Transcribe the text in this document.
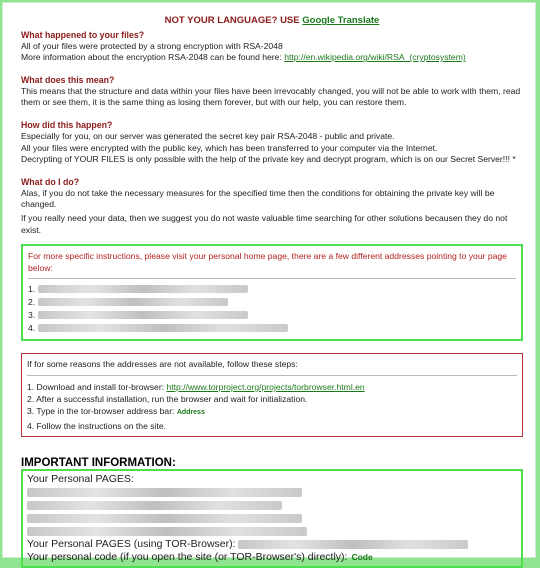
NOT YOUR LANGUAGE? USE Google Translate
What happened to your files?

All of your files were protected by a strong encryption with RSA-2048

More information about the encryption RSA-2048 can be found here: http://en.wikipedia.org/wiki/RSA_(cryptosystem)

What does this mean?

This means that the structure and data within your files have been irrevocably changed, you will not be able to work with them, read them or see them, it is the same thing as losing them forever, but with our help, you can restore them.

How did this happen?

Especially for you, on our server was generated the secret key pair RSA-2048 - public and private.

All your files were encrypted with the public key, which has been transferred to your computer via the Internet.

Decrypting of YOUR FILES is only possible with the help of the private key and decrypt program, which is on our Secret Server!!! *

What do I do?

Alas, if you do not take the necessary measures for the specified time then the conditions for obtaining the private key will be changed.

If you really need your data, then we suggest you do not waste valuable time searching for other solutions becausen they do not exist.

For more specific instructions, please visit your personal home page, there are a few different addresses pointing to your page below:
1.
2.
3.
4.
If for some reasons the addresses are not available, follow these steps:
1. Download and install tor-browser: http://www.torproject.org/projects/torbrowser.html.en
2. After a successful installation, run the browser and wait for initialization.
3. Type in the tor-browser address bar: Address
4. Follow the instructions on the site.
IMPORTANT INFORMATION:
Your Personal PAGES:
Your Personal PAGES (using TOR-Browser):
Your personal code (if you open the site (or TOR-Browser's) directly): Code
